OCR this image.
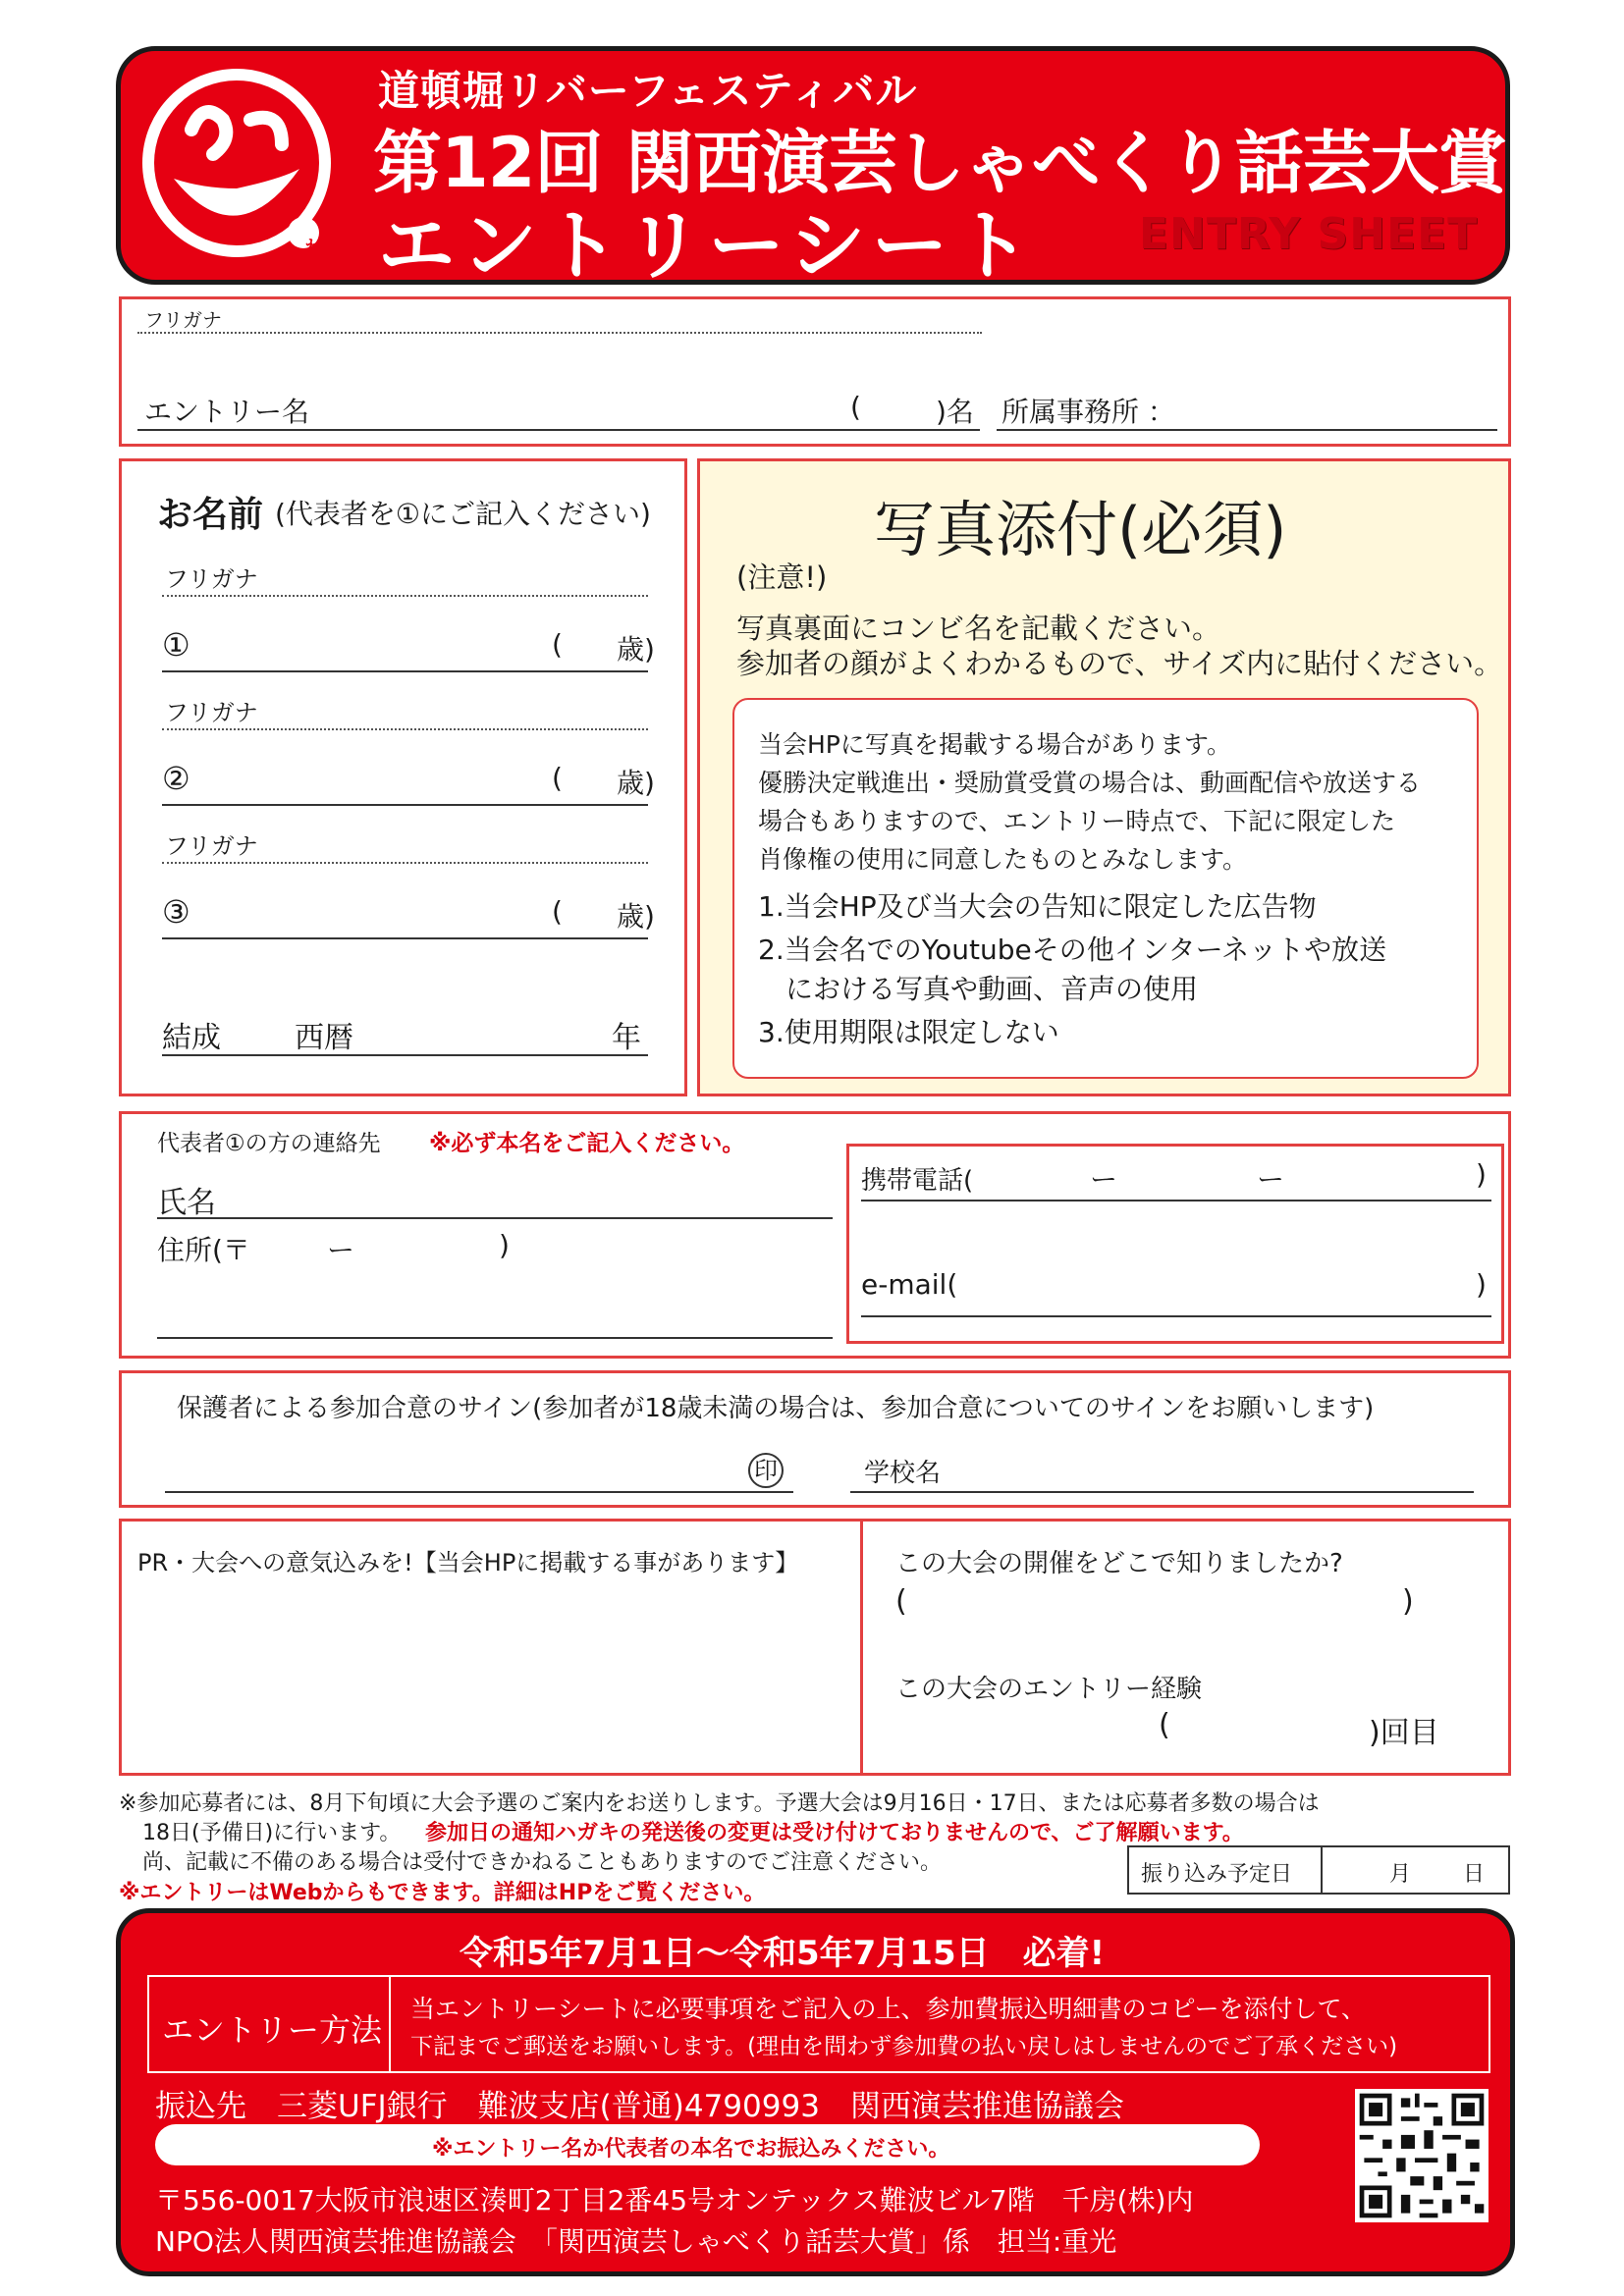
わ
道頓堀リバーフェスティバル
第12回 関西演芸しゃべくり話芸大賞
エントリーシート ENTRY SHEET
フリガナ
エントリー名	(	)名 所属事務所 ：
お名前 (代表者を①にご記入ください)
フリガナ
①	( 歳)
フリガナ
②	( 歳)
フリガナ
③	( 歳)
結成	西暦	年
写真添付(必須)
(注意!)
写真裏面にコンビ名を記載ください。
参加者の顔がよくわかるもので、サイズ内に貼付ください。
当会HPに写真を掲載する場合があります。
優勝決定戦進出・奨励賞受賞の場合は、動画配信や放送する
場合もありますので、エントリー時点で、下記に限定した
肖像権の使用に同意したものとみなします。
1.当会HP及び当大会の告知に限定した広告物
2.当会名でのYoutubeその他インターネットや放送
　における写真や動画、音声の使用
3.使用期限は限定しない
代表者①の方の連絡先 ※必ず本名をご記入ください。
氏名
住所(〒	ー	)
携帯電話(	ー	ー	)
e-mail(	)
保護者による参加合意のサイン(参加者が18歳未満の場合は、参加合意についてのサインをお願いします)
印	学校名
PR・大会への意気込みを!【当会HPに掲載する事があります】	この大会の開催をどこで知りましたか?
(	)
この大会のエントリー経験
(	)回目
※参加応募者には、8月下旬頃に大会予選のご案内をお送りします。予選大会は9月16日・17日、または応募者多数の場合は
18日(予備日)に行います。 参加日の通知ハガキの発送後の変更は受け付けておりませんので、ご了解願います。
尚、記載に不備のある場合は受付できかねることもありますのでご注意ください。
※エントリーはWebからもできます。詳細はHPをご覧ください。
振り込み予定日	月 日
令和5年7月1日〜令和5年7月15日　必着!
エントリー方法
当エントリーシートに必要事項をご記入の上、参加費振込明細書のコピーを添付して、
下記までご郵送をお願いします。(理由を問わず参加費の払い戻しはしませんのでご了承ください)
振込先　三菱UFJ銀行　難波支店(普通)4790993　関西演芸推進協議会
※エントリー名か代表者の本名でお振込みください。
〒556-0017大阪市浪速区湊町2丁目2番45号オンテックス難波ビル7階　千房(株)内
NPO法人関西演芸推進協議会　「関西演芸しゃべくり話芸大賞」係　担当:重光
